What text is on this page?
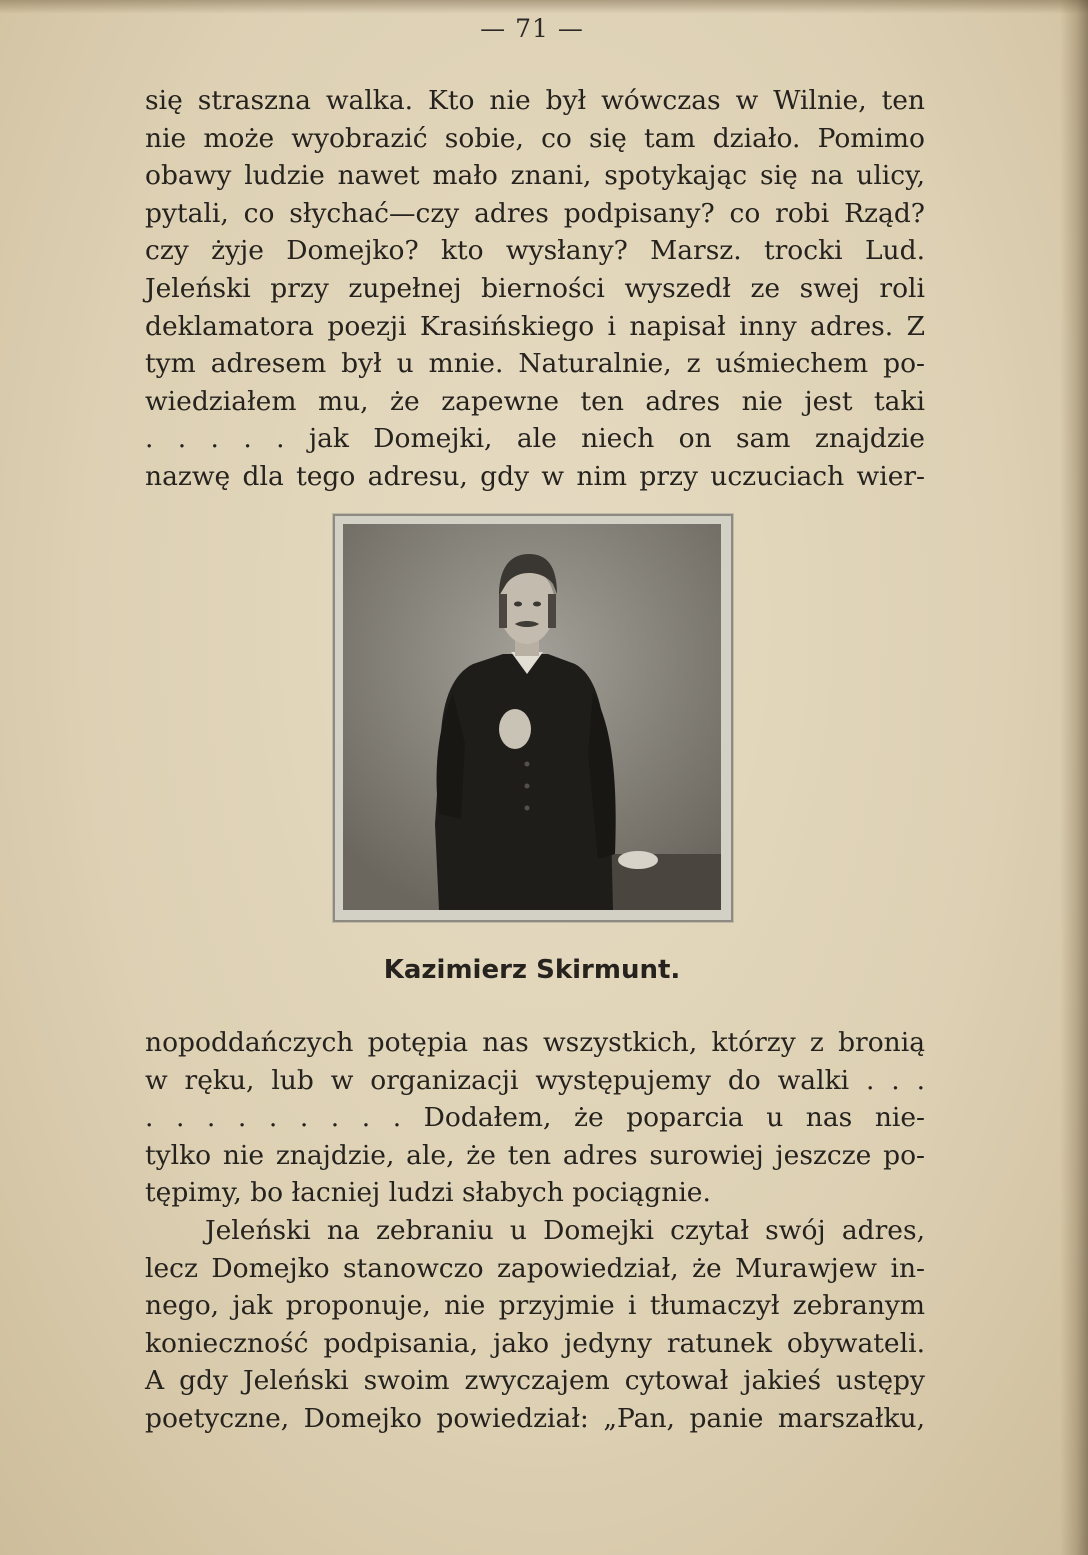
— 71 —
się straszna walka. Kto nie był wówczas w Wilnie, ten
nie może wyobrazić sobie, co się tam działo. Pomimo
obawy ludzie nawet mało znani, spotykając się na ulicy,
pytali, co słychać—czy adres podpisany? co robi Rząd?
czy żyje Domejko? kto wysłany? Marsz. trocki Lud.
Jeleński przy zupełnej bierności wyszedł ze swej roli
deklamatora poezji Krasińskiego i napisał inny adres. Z
tym adresem był u mnie. Naturalnie, z uśmiechem po-
wiedziałem mu, że zapewne ten adres nie jest taki
. . . . . jak Domejki, ale niech on sam znajdzie
nazwę dla tego adresu, gdy w nim przy uczuciach wier-
Kazimierz Skirmunt.
nopoddańczych potępia nas wszystkich, którzy z bronią
w ręku, lub w organizacji występujemy do walki . . .
. . . . . . . . . Dodałem, że poparcia u nas nie-
tylko nie znajdzie, ale, że ten adres surowiej jeszcze po-
tępimy, bo łacniej ludzi słabych pociągnie.
Jeleński na zebraniu u Domejki czytał swój adres,
lecz Domejko stanowczo zapowiedział, że Murawjew in-
nego, jak proponuje, nie przyjmie i tłumaczył zebranym
konieczność podpisania, jako jedyny ratunek obywateli.
A gdy Jeleński swoim zwyczajem cytował jakieś ustępy
poetyczne, Domejko powiedział: „Pan, panie marszałku,
